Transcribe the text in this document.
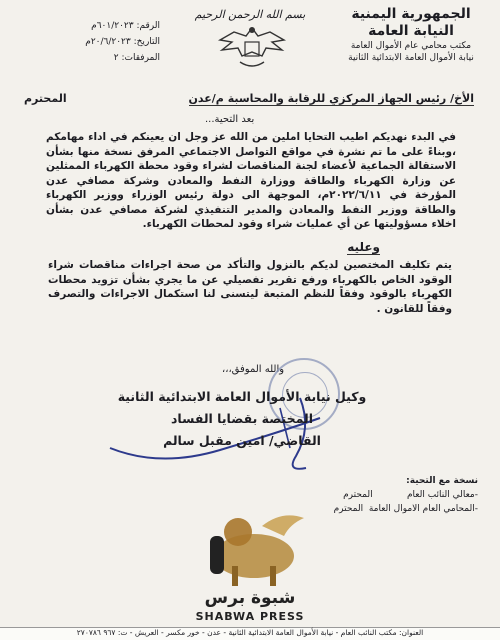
الجمهورية اليمنية
النيابة العامة
مكتب محامي عام الأموال العامة
نيابة الأموال العامة الابتدائية الثانية
بسم الله الرحمن الرحيم
الرقم: ٦٠١/٢٠٢٣م
التاريخ: ٢٠/٦/٢٠٢٣م
المرفقات: ٢
الأخ/ رئيس الجهاز المركزي للرقابة والمحاسبة م/عدن
المحترم
بعد التحية...
في البدء نهديكم اطيب التحايا املين من الله عز وجل ان يعينكم في اداء مهامكم ،وبناءً على ما تم نشرة في مواقع التواصل الاجتماعي المرفق نسخة منها بشأن الاستقالة الجماعية لأعضاء لجنة المناقصات لشراء وقود محطة الكهرباء الممثلين عن وزارة الكهرباء والطاقة ووزارة النفط والمعادن وشركة مصافي عدن المؤرخة في ٢٠٢٢/٦/١١م، الموجهة الى دولة رئيس الوزراء ووزير الكهرباء والطاقة ووزير النفط والمعادن والمدير التنفيذي لشركة مصافي عدن بشأن اخلاء مسؤوليتها عن أي عمليات شراء وقود لمحطات الكهرباء.
وعليه
يتم تكليف المختصين لديكم بالنزول والتأكد من صحة اجراءات مناقصات شراء الوقود الخاص بالكهرباء ورفع تقرير تفصيلي عن ما يجري بشأن تزويد محطات الكهرباء بالوقود وفقاً للنظم المتبعة ليتسنى لنا استكمال الاجراءات والتصرف وفقاً للقانون .
والله الموفق،،،
وكيل نيابة الأموال العامة الابتدائية الثانية
المختصة بقضايا الفساد
القاضي/ امين مقبل سالم
نسخة مع التحية:
-معالي النائب العام            المحترم
-المحامي العام الاموال العامة  المحترم
شبوة برس
SHABWA PRESS
العنوان: مكتب النائب العام - نيابة الأموال العامة الابتدائية الثانية - عدن - خور مكسر - العريش - ت: ٩٦٧ ٢٧٠٧٨٦
